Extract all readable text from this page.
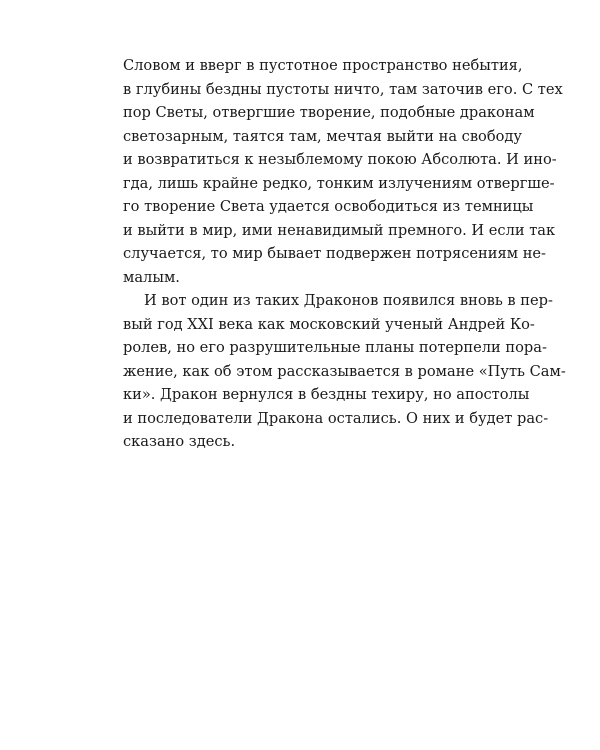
Словом и вверг в пустотное пространство небытия,
в глубины бездны пустоты ничто, там заточив его. С тех
пор Светы, отвергшие творение, подобные драконам
светозарным, таятся там, мечтая выйти на свободу
и возвратиться к незыблемому покою Абсолюта. И ино-
гда, лишь крайне редко, тонким излучениям отвергше-
го творение Света удается освободиться из темницы
и выйти в мир, ими ненавидимый премного. И если так
случается, то мир бывает подвержен потрясениям не-
малым.
И вот один из таких Драконов появился вновь в пер-
вый год XXI века как московский ученый Андрей Ко-
ролев, но его разрушительные планы потерпели пора-
жение, как об этом рассказывается в романе «Путь Сам-
ки». Дракон вернулся в бездны техиру, но апостолы
и последователи Дракона остались. О них и будет рас-
сказано здесь.
